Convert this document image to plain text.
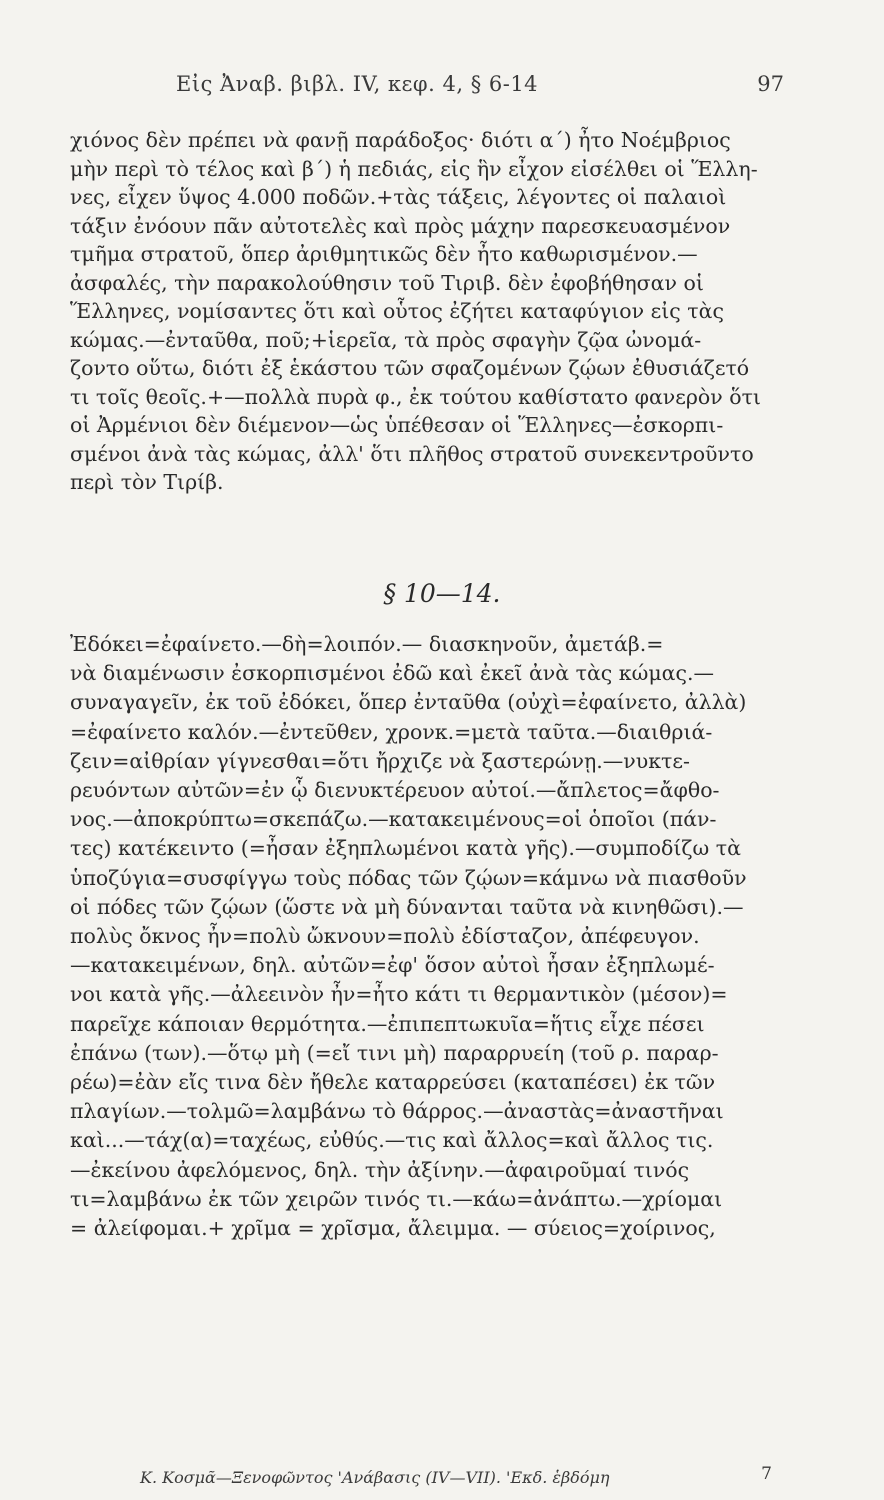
Εἰς Ἀναβ. βιβλ. IV, κεφ. 4, § 6-14	97
χιόνος δὲν πρέπει νὰ φανῇ παράδοξος· διότι α΄) ἦτο Νοέμβριος
μὴν περὶ τὸ τέλος καὶ β΄) ἡ πεδιάς, εἰς ἣν εἶχον εἰσέλθει οἱ Ἕλλη-
νες, εἶχεν ὕψος 4.000 ποδῶν.+τὰς τάξεις, λέγοντες οἱ παλαιοὶ
τάξιν ἐνόουν πᾶν αὐτοτελὲς καὶ πρὸς μάχην παρεσκευασμένον
τμῆμα στρατοῦ, ὅπερ ἀριθμητικῶς δὲν ἦτο καθωρισμένον.—
ἀσφαλές, τὴν παρακολούθησιν τοῦ Τιριβ. δὲν ἐφοβήθησαν οἱ
Ἕλληνες, νομίσαντες ὅτι καὶ οὗτος ἐζήτει καταφύγιον εἰς τὰς
κώμας.—ἐνταῦθα, ποῦ;+ἱερεῖα, τὰ πρὸς σφαγὴν ζῷα ὠνομά-
ζοντο οὕτω, διότι ἐξ ἑκάστου τῶν σφαζομένων ζῴων ἐθυσιάζετό
τι τοῖς θεοῖς.+—πολλὰ πυρὰ φ., ἐκ τούτου καθίστατο φανερὸν ὅτι
οἱ Ἀρμένιοι δὲν διέμενον—ὡς ὑπέθεσαν οἱ Ἕλληνες—ἐσκορπι-
σμένοι ἀνὰ τὰς κώμας, ἀλλ' ὅτι πλῆθος στρατοῦ συνεκεντροῦντο
περὶ τὸν Τιρίβ.
§ 10—14.
Ἐδόκει=ἐφαίνετο.—δὴ=λοιπόν.— διασκηνοῦν, ἀμετάβ.=
νὰ διαμένωσιν ἐσκορπισμένοι ἐδῶ καὶ ἐκεῖ ἀνὰ τὰς κώμας.—
συναγαγεῖν, ἐκ τοῦ ἐδόκει, ὅπερ ἐνταῦθα (οὐχὶ=ἐφαίνετο, ἀλλὰ)
=ἐφαίνετο καλόν.—ἐντεῦθεν, χρονκ.=μετὰ ταῦτα.—διαιθριά-
ζειν=αἰθρίαν γίγνεσθαι=ὅτι ἤρχιζε νὰ ξαστερώνῃ.—νυκτε-
ρευόντων αὐτῶν=ἐν ᾧ διενυκτέρευον αὐτοί.—ἄπλετος=ἄφθο-
νος.—ἀποκρύπτω=σκεπάζω.—κατακειμένους=οἱ ὁποῖοι (πάν-
τες) κατέκειντο (=ἦσαν ἐξηπλωμένοι κατὰ γῆς).—συμποδίζω τὰ
ὑποζύγια=συσφίγγω τοὺς πόδας τῶν ζῴων=κάμνω νὰ πιασθοῦν
οἱ πόδες τῶν ζῴων (ὥστε νὰ μὴ δύνανται ταῦτα νὰ κινηθῶσι).—
πολὺς ὄκνος ἦν=πολὺ ὤκνουν=πολὺ ἐδίσταζον, ἀπέφευγον.
—κατακειμένων, δηλ. αὐτῶν=ἐφ' ὅσον αὐτοὶ ἦσαν ἐξηπλωμέ-
νοι κατὰ γῆς.—ἀλεεινὸν ἦν=ἦτο κάτι τι θερμαντικὸν (μέσον)=
παρεῖχε κάποιαν θερμότητα.—ἐπιπεπτωκυῖα=ἥτις εἶχε πέσει
ἐπάνω (των).—ὅτῳ μὴ (=εἴ τινι μὴ) παραρρυείη (τοῦ ρ. παραρ-
ρέω)=ἐὰν εἴς τινα δὲν ἤθελε καταρρεύσει (καταπέσει) ἐκ τῶν
πλαγίων.—τολμῶ=λαμβάνω τὸ θάρρος.—ἀναστὰς=ἀναστῆναι
καὶ...—τάχ(α)=ταχέως, εὐθύς.—τις καὶ ἄλλος=καὶ ἄλλος τις.
—ἐκείνου ἀφελόμενος, δηλ. τὴν ἀξίνην.—ἀφαιροῦμαί τινός
τι=λαμβάνω ἐκ τῶν χειρῶν τινός τι.—κάω=ἀνάπτω.—χρίομαι
= ἀλείφομαι.+ χρῖμα = χρῖσμα, ἄλειμμα. — σύειος=χοίρινος,
Κ. Κοσμᾶ—Ξενοφῶντος 'Ανάβασις (IV—VII). 'Εκδ. ἑβδόμη	7
